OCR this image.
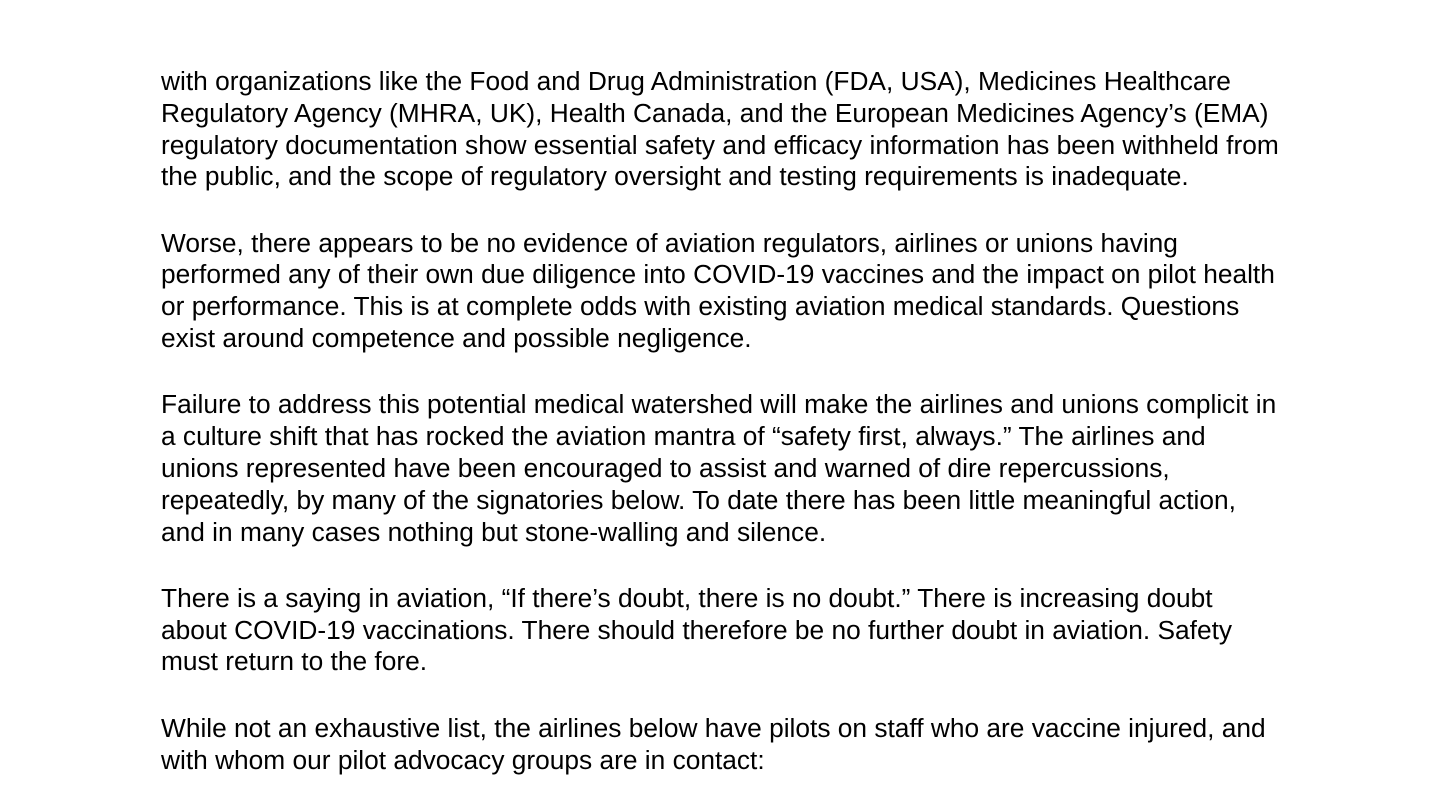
with organizations like the Food and Drug Administration (FDA, USA), Medicines Healthcare
Regulatory Agency (MHRA, UK), Health Canada, and the European Medicines Agency’s (EMA)
regulatory documentation show essential safety and efficacy information has been withheld from
the public, and the scope of regulatory oversight and testing requirements is inadequate.

Worse, there appears to be no evidence of aviation regulators, airlines or unions having
performed any of their own due diligence into COVID-19 vaccines and the impact on pilot health
or performance. This is at complete odds with existing aviation medical standards. Questions
exist around competence and possible negligence.

Failure to address this potential medical watershed will make the airlines and unions complicit in
a culture shift that has rocked the aviation mantra of “safety first, always.” The airlines and
unions represented have been encouraged to assist and warned of dire repercussions,
repeatedly, by many of the signatories below. To date there has been little meaningful action,
and in many cases nothing but stone-walling and silence.

There is a saying in aviation, “If there’s doubt, there is no doubt.” There is increasing doubt
about COVID-19 vaccinations. There should therefore be no further doubt in aviation. Safety
must return to the fore.

While not an exhaustive list, the airlines below have pilots on staff who are vaccine injured, and
with whom our pilot advocacy groups are in contact:
